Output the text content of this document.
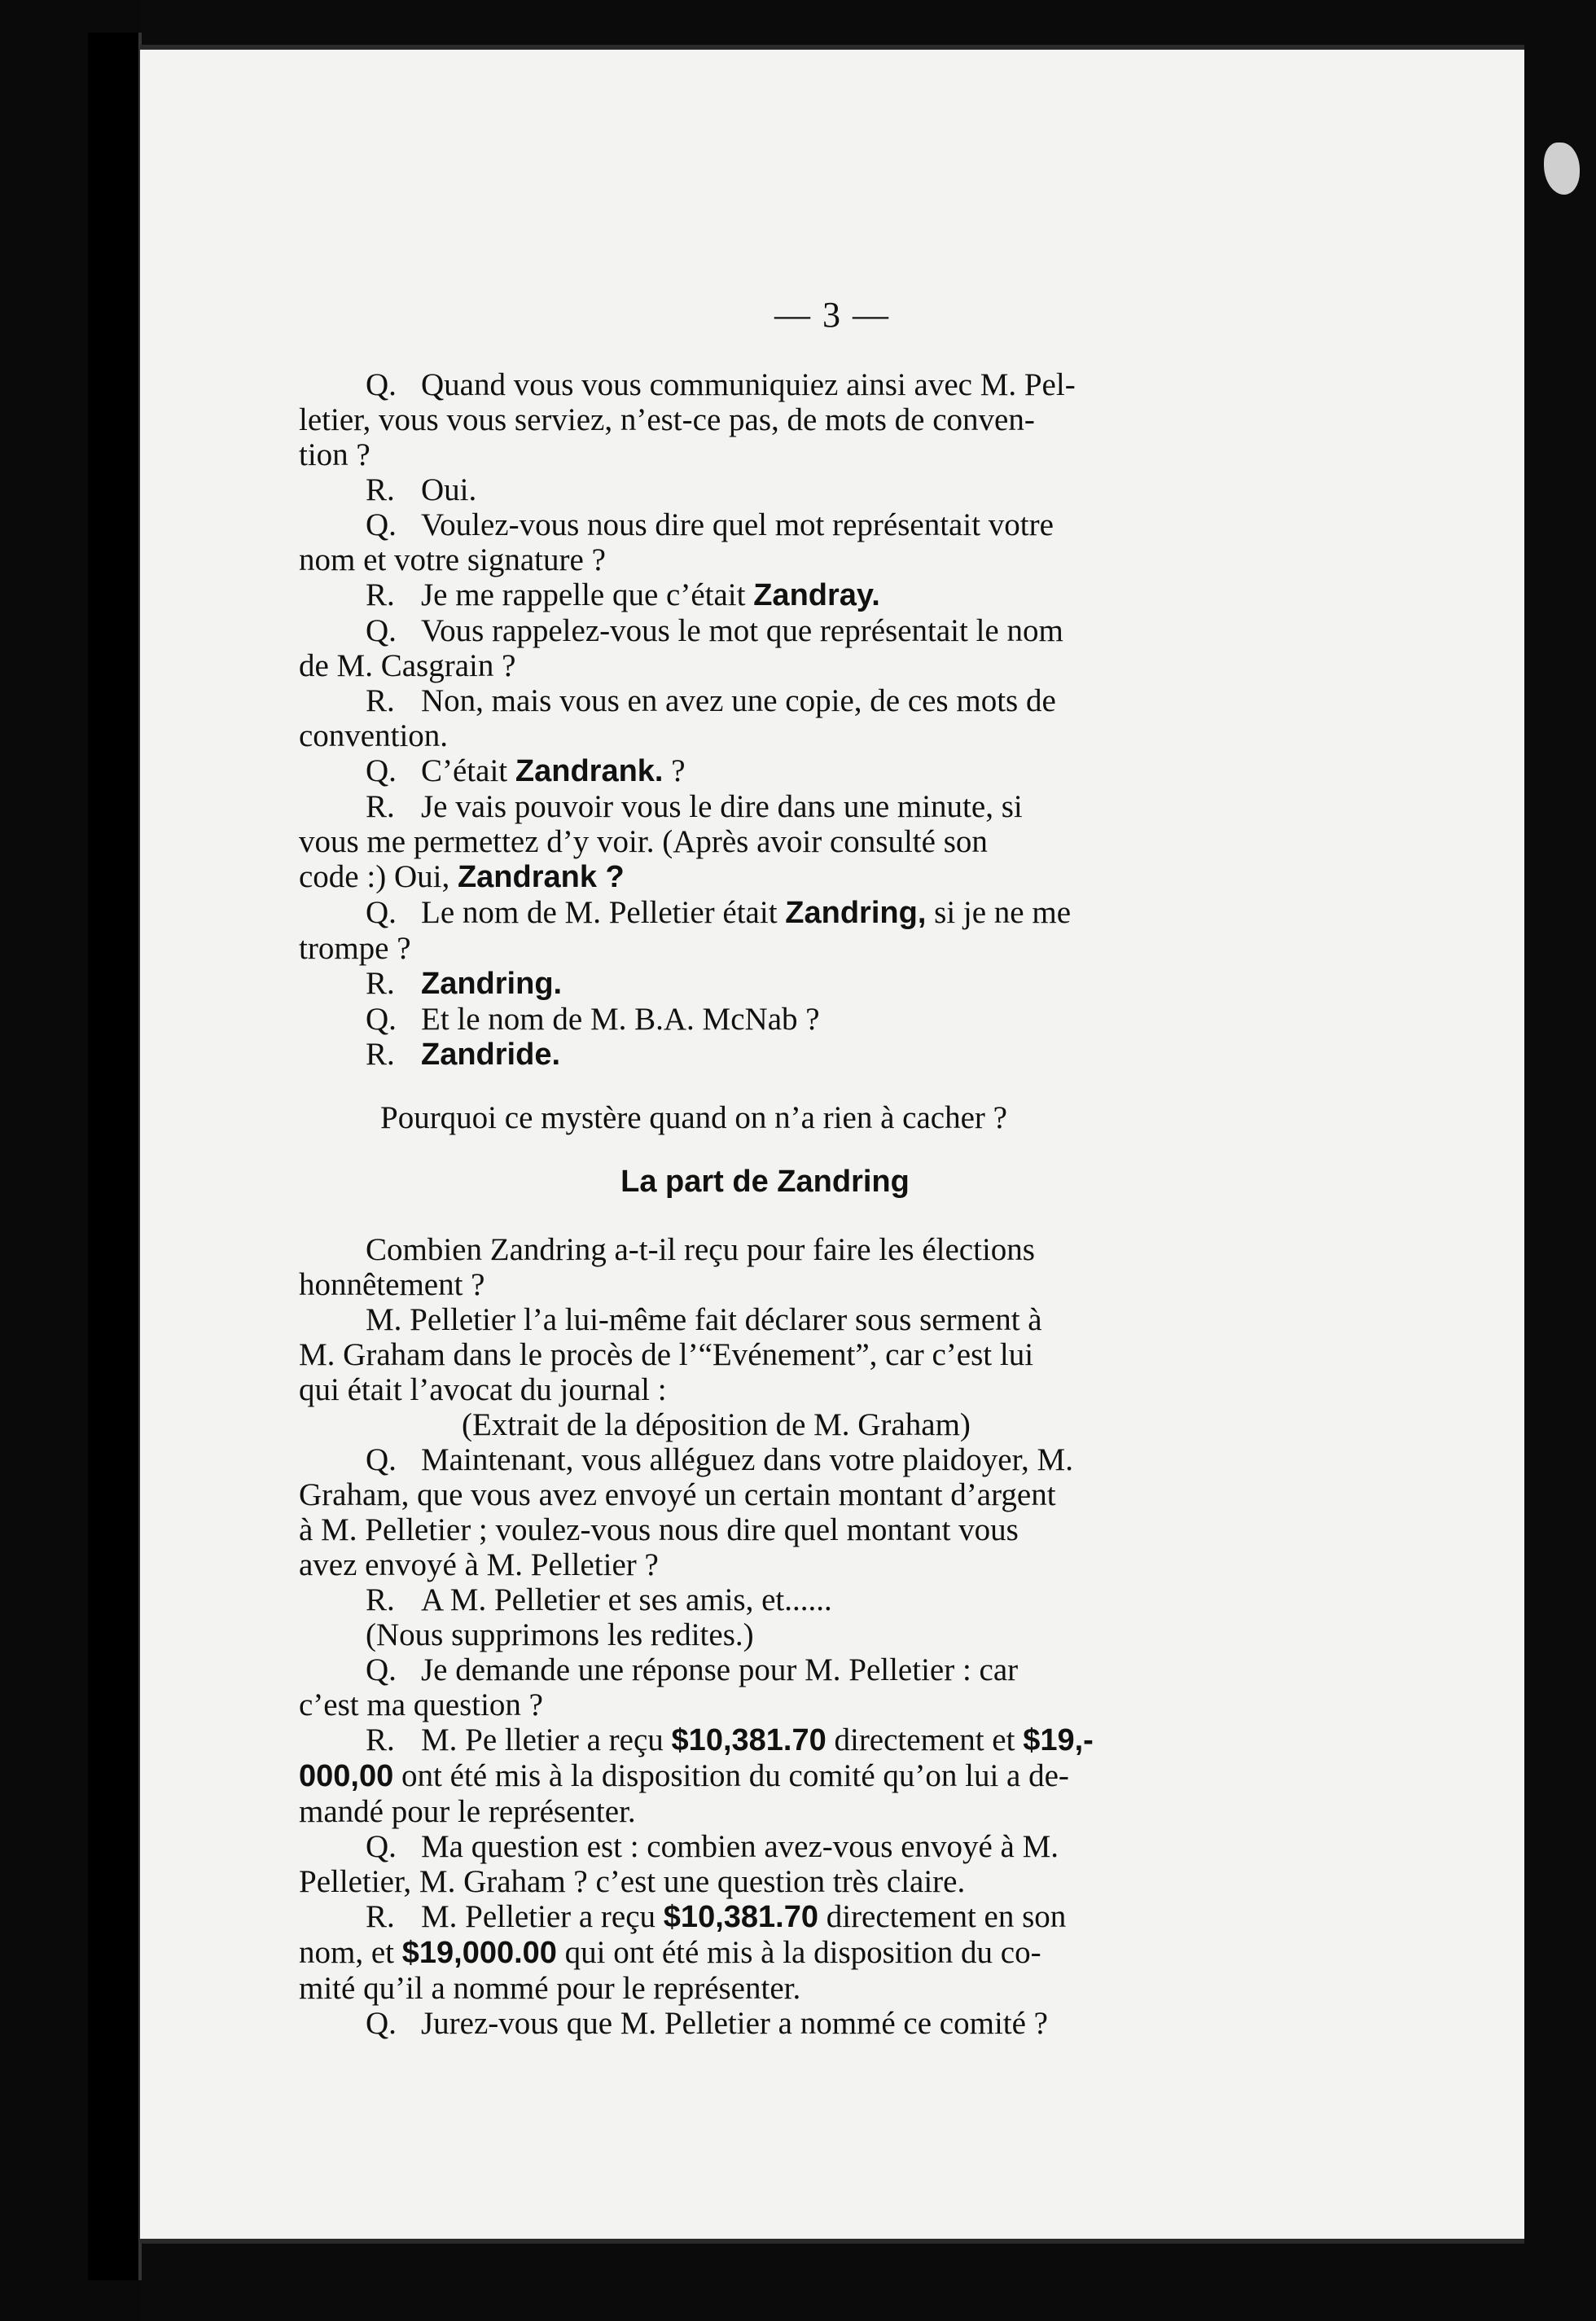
— 3 —
Q. Quand vous vous communiquiez ainsi avec M. Pel-
letier, vous vous serviez, n’est-ce pas, de mots de conven-
tion ?
R. Oui.
Q. Voulez-vous nous dire quel mot représentait votre
nom et votre signature ?
R. Je me rappelle que c’était Zandray.
Q. Vous rappelez-vous le mot que représentait le nom
de M. Casgrain ?
R. Non, mais vous en avez une copie, de ces mots de
convention.
Q. C’était Zandrank. ?
R. Je vais pouvoir vous le dire dans une minute, si
vous me permettez d’y voir. (Après avoir consulté son
code :) Oui, Zandrank ?
Q. Le nom de M. Pelletier était Zandring, si je ne me
trompe ?
R. Zandring.
Q. Et le nom de M. B.A. McNab ?
R. Zandride.
Pourquoi ce mystère quand on n’a rien à cacher ?
La part de Zandring
Combien Zandring a-t-il reçu pour faire les élections
honnêtement ?
M. Pelletier l’a lui-même fait déclarer sous serment à
M. Graham dans le procès de l’“Evénement”, car c’est lui
qui était l’avocat du journal :
(Extrait de la déposition de M. Graham)
Q. Maintenant, vous alléguez dans votre plaidoyer, M.
Graham, que vous avez envoyé un certain montant d’argent
à M. Pelletier ; voulez-vous nous dire quel montant vous
avez envoyé à M. Pelletier ?
R. A M. Pelletier et ses amis, et......
(Nous supprimons les redites.)
Q. Je demande une réponse pour M. Pelletier : car
c’est ma question ?
R. M. Pe lletier a reçu $10,381.70 directement et $19,-
000,00 ont été mis à la disposition du comité qu’on lui a de-
mandé pour le représenter.
Q. Ma question est : combien avez-vous envoyé à M.
Pelletier, M. Graham ? c’est une question très claire.
R. M. Pelletier a reçu $10,381.70 directement en son
nom, et $19,000.00 qui ont été mis à la disposition du co-
mité qu’il a nommé pour le représenter.
Q. Jurez-vous que M. Pelletier a nommé ce comité ?
